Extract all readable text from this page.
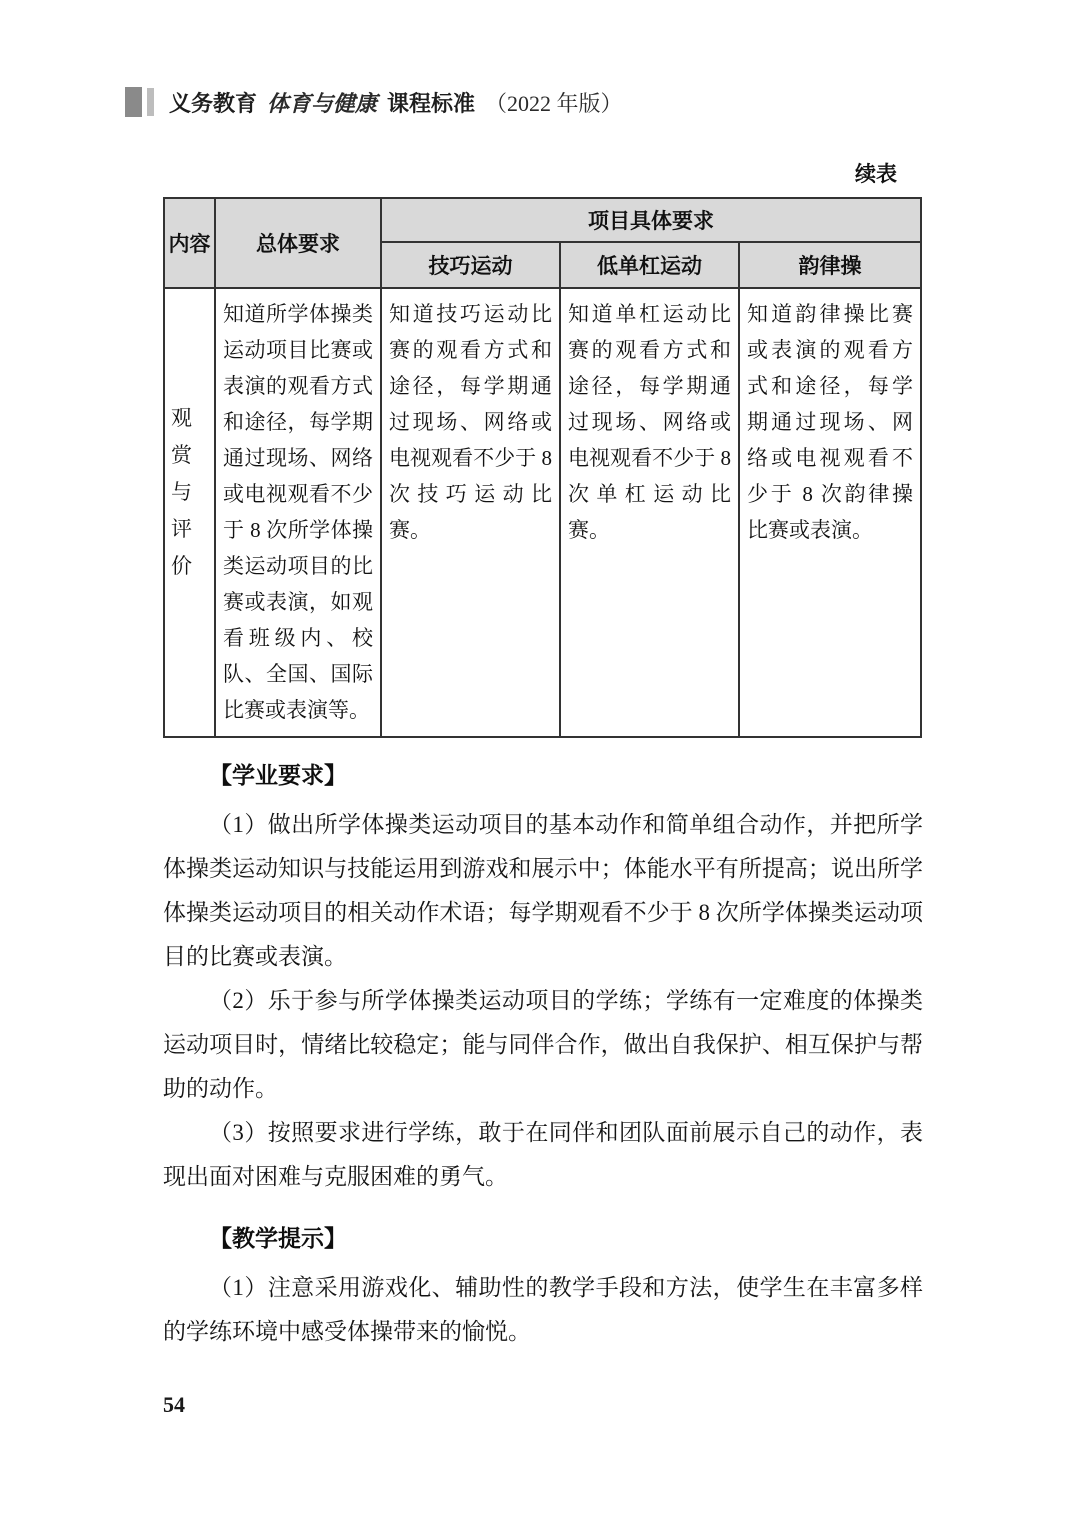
义务教育 体育与健康 课程标准 （2022 年版）
续表
内容	总体要求	项目具体要求		
		技巧运动	低单杠运动	韵律操
观赏与评价	知道所学体操类运动项目比赛或表演的观看方式和途径，每学期通过现场、网络或电视观看不少于 8 次所学体操类运动项目的比赛或表演，如观看班级内、校队、全国、国际比赛或表演等。	知道技巧运动比赛的观看方式和途径，每学期通过现场、网络或电视观看不少于 8 次技巧运动比赛。	知道单杠运动比赛的观看方式和途径，每学期通过现场、网络或电视观看不少于 8 次单杠运动比赛。	知道韵律操比赛或表演的观看方式和途径，每学期通过现场、网络或电视观看不少于 8 次韵律操比赛或表演。
【学业要求】
（1）做出所学体操类运动项目的基本动作和简单组合动作，并把所学体操类运动知识与技能运用到游戏和展示中；体能水平有所提高；说出所学体操类运动项目的相关动作术语；每学期观看不少于 8 次所学体操类运动项目的比赛或表演。
（2）乐于参与所学体操类运动项目的学练；学练有一定难度的体操类运动项目时，情绪比较稳定；能与同伴合作，做出自我保护、相互保护与帮助的动作。
（3）按照要求进行学练，敢于在同伴和团队面前展示自己的动作，表现出面对困难与克服困难的勇气。
【教学提示】
（1）注意采用游戏化、辅助性的教学手段和方法，使学生在丰富多样的学练环境中感受体操带来的愉悦。
54
